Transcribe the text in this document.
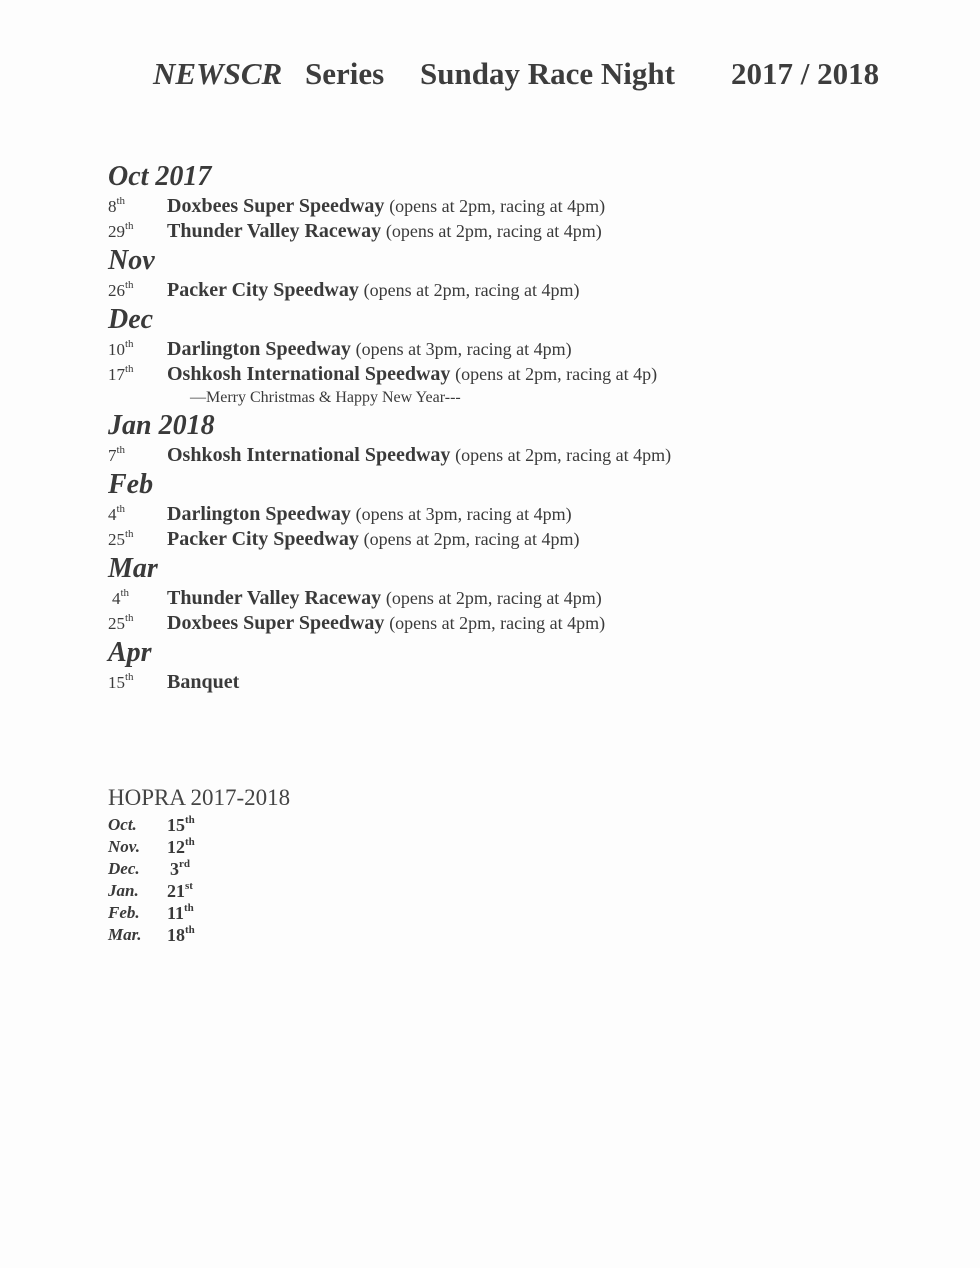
NEWSCR Series Sunday Race Night 2017 / 2018
Oct 2017
8th Doxbees Super Speedway (opens at 2pm, racing at 4pm)
29th Thunder Valley Raceway (opens at 2pm, racing at 4pm)
Nov
26th Packer City Speedway (opens at 2pm, racing at 4pm)
Dec
10th Darlington Speedway (opens at 3pm, racing at 4pm)
17th Oshkosh International Speedway (opens at 2pm, racing at 4p)
—Merry Christmas & Happy New Year---
Jan 2018
7th Oshkosh International Speedway (opens at 2pm, racing at 4pm)
Feb
4th Darlington Speedway (opens at 3pm, racing at 4pm)
25th Packer City Speedway (opens at 2pm, racing at 4pm)
Mar
4th Thunder Valley Raceway (opens at 2pm, racing at 4pm)
25th Doxbees Super Speedway (opens at 2pm, racing at 4pm)
Apr
15th Banquet
HOPRA 2017-2018
Oct. 15th
Nov. 12th
Dec. 3rd
Jan. 21st
Feb. 11th
Mar. 18th
